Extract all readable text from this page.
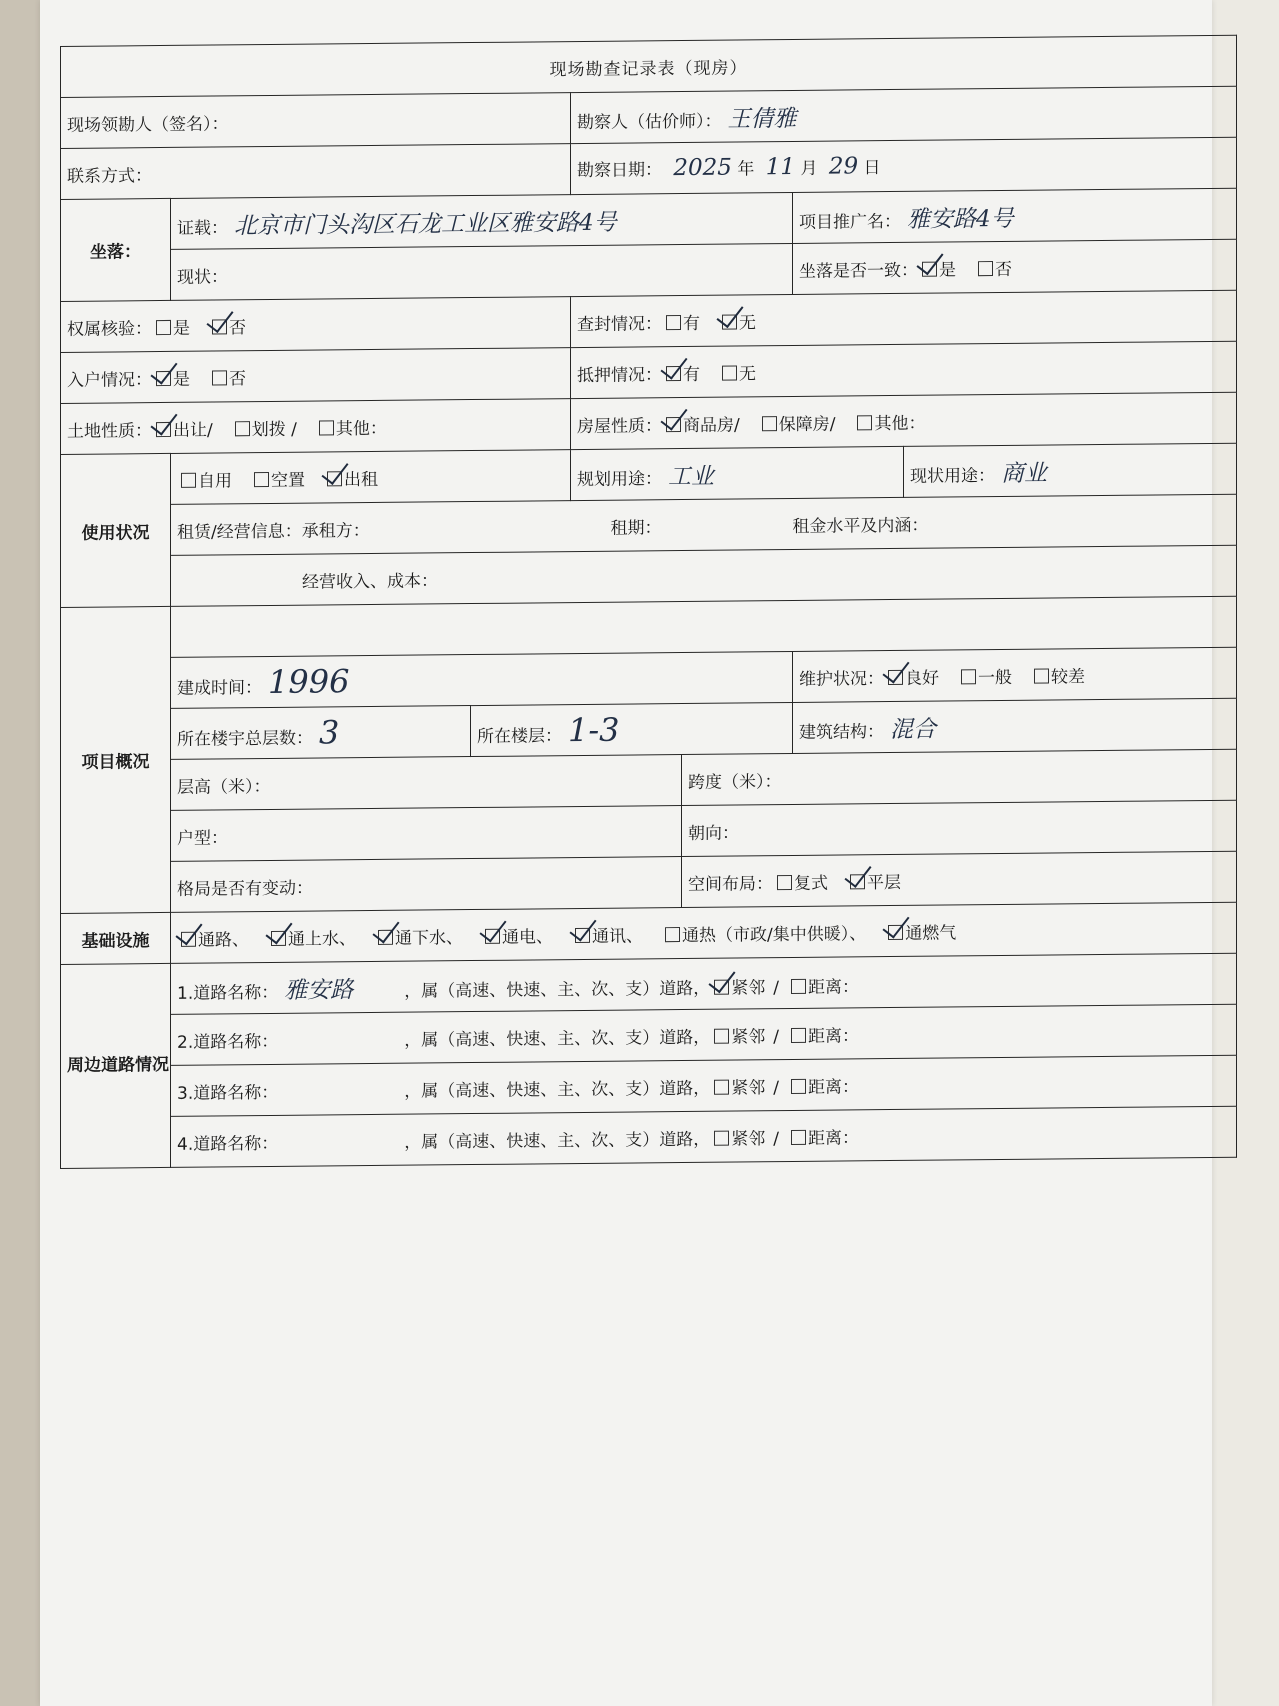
现场勘查记录表（现房）						
现场领勘人（签名）：			勘察人（估价师）： 王倩雅			
联系方式：			勘察日期： 2025 年 11 月 29 日			
坐落：	证载： 北京市门头沟区石龙工业区雅安路4号				项目推广名： 雅安路4号	
	现状：				坐落是否一致： 是 否	
权属核验： 是 否			查封情况： 有 无			
入户情况： 是 否			抵押情况： 有 无			
土地性质： 出让/ 划拨 / 其他：			房屋性质： 商品房/ 保障房/ 其他：			
使用状况	自用 空置 出租		规划用途： 工业			现状用途： 商业
	租赁/经营信息：承租方： 租期： 租金水平及内涵：					
	经营收入、成本：					
项目概况						
	建成时间： 1996				维护状况： 良好 一般 较差	
	所在楼宇总层数： 3	所在楼层： 1-3			建筑结构： 混合	
	层高（米）：			跨度（米）：		
	户型：			朝向：		
	格局是否有变动：			空间布局： 复式 平层		
基础设施	通路、 通上水、 通下水、 通电、 通讯、 通热（市政/集中供暖）、 通燃气					
周边道路情况	1.道路名称： 雅安路 ，属（高速、快速、主、次、支）道路， 紧邻 / 距离：					
	2.道路名称： ，属（高速、快速、主、次、支）道路， 紧邻 / 距离：					
	3.道路名称： ，属（高速、快速、主、次、支）道路， 紧邻 / 距离：					
	4.道路名称： ，属（高速、快速、主、次、支）道路， 紧邻 / 距离：					
